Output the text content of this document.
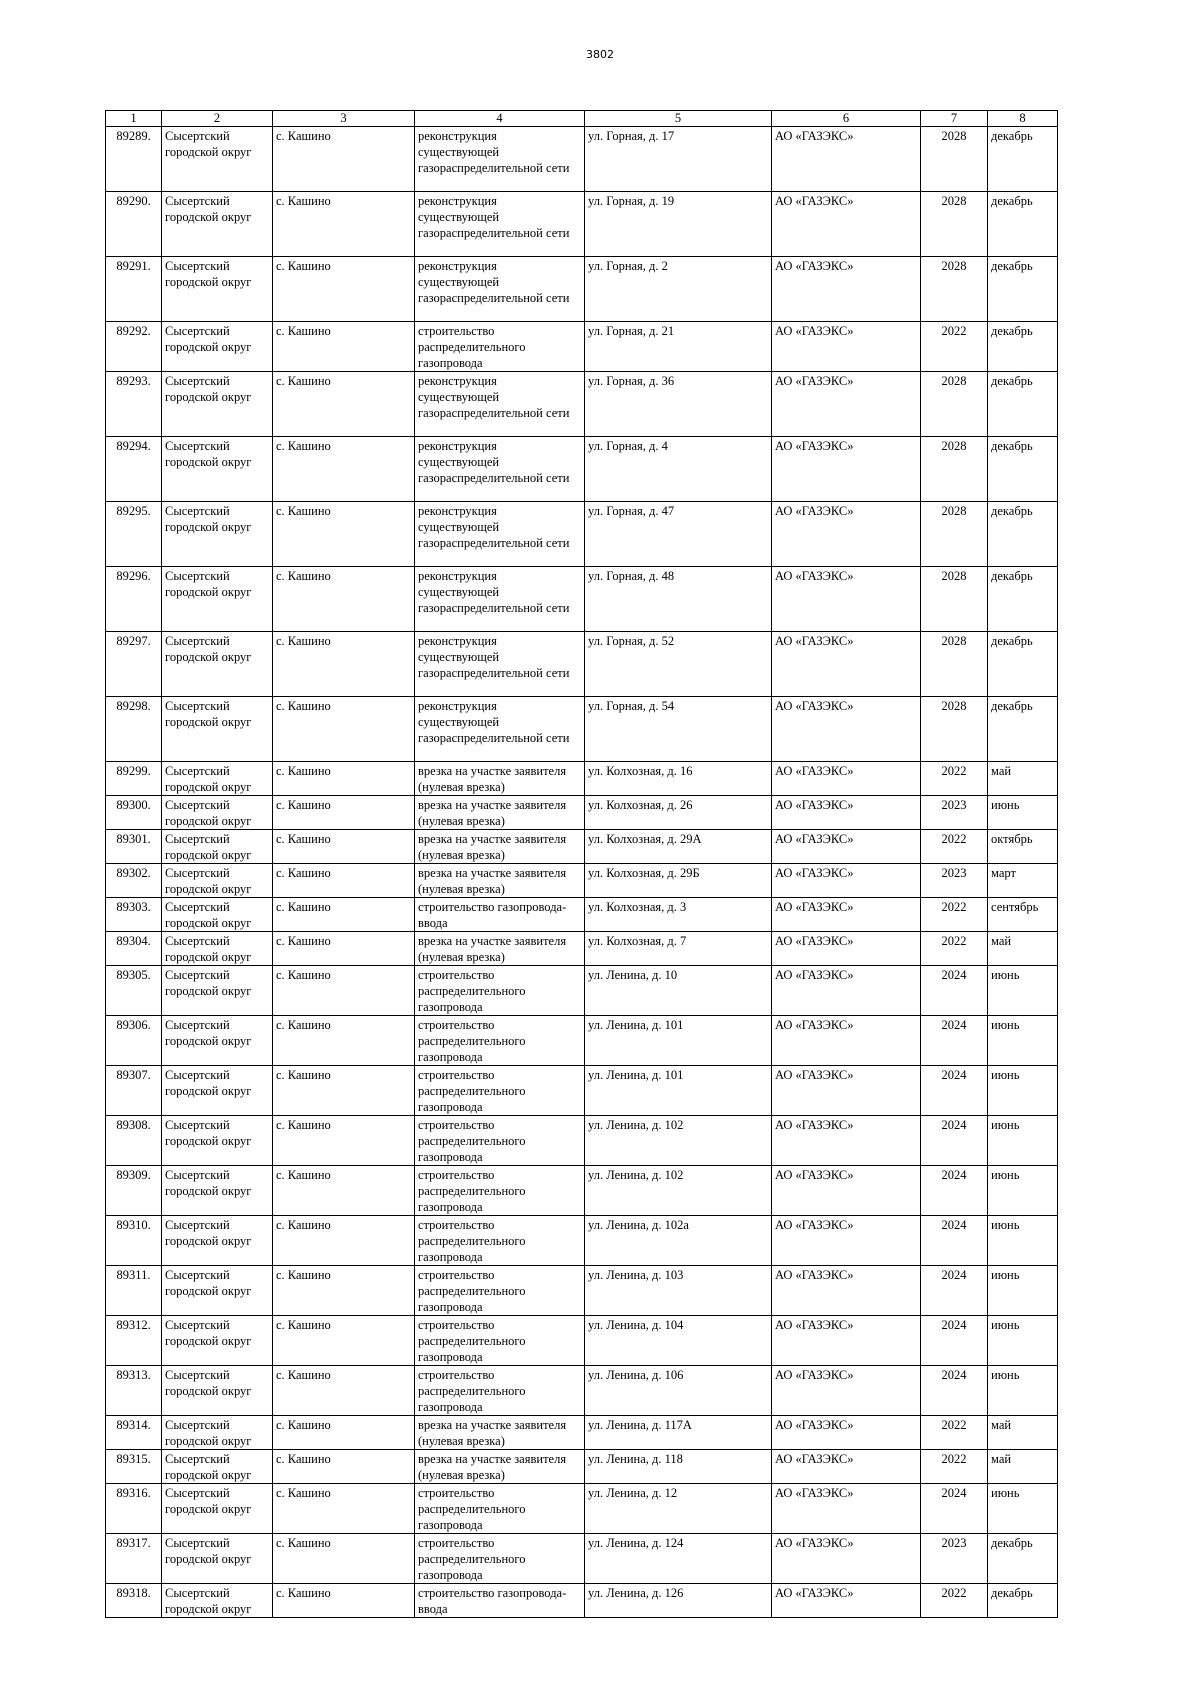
3802
1	2	3	4	5	6	7	8
89289.	Сысертский городской округ	с. Кашино	реконструкция существующей газораспределительной сети	ул. Горная, д. 17	АО «ГАЗЭКС»	2028	декабрь
89290.	Сысертский городской округ	с. Кашино	реконструкция существующей газораспределительной сети	ул. Горная, д. 19	АО «ГАЗЭКС»	2028	декабрь
89291.	Сысертский городской округ	с. Кашино	реконструкция существующей газораспределительной сети	ул. Горная, д. 2	АО «ГАЗЭКС»	2028	декабрь
89292.	Сысертский городской округ	с. Кашино	строительство распределительного газопровода	ул. Горная, д. 21	АО «ГАЗЭКС»	2022	декабрь
89293.	Сысертский городской округ	с. Кашино	реконструкция существующей газораспределительной сети	ул. Горная, д. 36	АО «ГАЗЭКС»	2028	декабрь
89294.	Сысертский городской округ	с. Кашино	реконструкция существующей газораспределительной сети	ул. Горная, д. 4	АО «ГАЗЭКС»	2028	декабрь
89295.	Сысертский городской округ	с. Кашино	реконструкция существующей газораспределительной сети	ул. Горная, д. 47	АО «ГАЗЭКС»	2028	декабрь
89296.	Сысертский городской округ	с. Кашино	реконструкция существующей газораспределительной сети	ул. Горная, д. 48	АО «ГАЗЭКС»	2028	декабрь
89297.	Сысертский городской округ	с. Кашино	реконструкция существующей газораспределительной сети	ул. Горная, д. 52	АО «ГАЗЭКС»	2028	декабрь
89298.	Сысертский городской округ	с. Кашино	реконструкция существующей газораспределительной сети	ул. Горная, д. 54	АО «ГАЗЭКС»	2028	декабрь
89299.	Сысертский городской округ	с. Кашино	врезка на участке заявителя (нулевая врезка)	ул. Колхозная, д. 16	АО «ГАЗЭКС»	2022	май
89300.	Сысертский городской округ	с. Кашино	врезка на участке заявителя (нулевая врезка)	ул. Колхозная, д. 26	АО «ГАЗЭКС»	2023	июнь
89301.	Сысертский городской округ	с. Кашино	врезка на участке заявителя (нулевая врезка)	ул. Колхозная, д. 29А	АО «ГАЗЭКС»	2022	октябрь
89302.	Сысертский городской округ	с. Кашино	врезка на участке заявителя (нулевая врезка)	ул. Колхозная, д. 29Б	АО «ГАЗЭКС»	2023	март
89303.	Сысертский городской округ	с. Кашино	строительство газопровода-ввода	ул. Колхозная, д. 3	АО «ГАЗЭКС»	2022	сентябрь
89304.	Сысертский городской округ	с. Кашино	врезка на участке заявителя (нулевая врезка)	ул. Колхозная, д. 7	АО «ГАЗЭКС»	2022	май
89305.	Сысертский городской округ	с. Кашино	строительство распределительного газопровода	ул. Ленина, д. 10	АО «ГАЗЭКС»	2024	июнь
89306.	Сысертский городской округ	с. Кашино	строительство распределительного газопровода	ул. Ленина, д. 101	АО «ГАЗЭКС»	2024	июнь
89307.	Сысертский городской округ	с. Кашино	строительство распределительного газопровода	ул. Ленина, д. 101	АО «ГАЗЭКС»	2024	июнь
89308.	Сысертский городской округ	с. Кашино	строительство распределительного газопровода	ул. Ленина, д. 102	АО «ГАЗЭКС»	2024	июнь
89309.	Сысертский городской округ	с. Кашино	строительство распределительного газопровода	ул. Ленина, д. 102	АО «ГАЗЭКС»	2024	июнь
89310.	Сысертский городской округ	с. Кашино	строительство распределительного газопровода	ул. Ленина, д. 102а	АО «ГАЗЭКС»	2024	июнь
89311.	Сысертский городской округ	с. Кашино	строительство распределительного газопровода	ул. Ленина, д. 103	АО «ГАЗЭКС»	2024	июнь
89312.	Сысертский городской округ	с. Кашино	строительство распределительного газопровода	ул. Ленина, д. 104	АО «ГАЗЭКС»	2024	июнь
89313.	Сысертский городской округ	с. Кашино	строительство распределительного газопровода	ул. Ленина, д. 106	АО «ГАЗЭКС»	2024	июнь
89314.	Сысертский городской округ	с. Кашино	врезка на участке заявителя (нулевая врезка)	ул. Ленина, д. 117А	АО «ГАЗЭКС»	2022	май
89315.	Сысертский городской округ	с. Кашино	врезка на участке заявителя (нулевая врезка)	ул. Ленина, д. 118	АО «ГАЗЭКС»	2022	май
89316.	Сысертский городской округ	с. Кашино	строительство распределительного газопровода	ул. Ленина, д. 12	АО «ГАЗЭКС»	2024	июнь
89317.	Сысертский городской округ	с. Кашино	строительство распределительного газопровода	ул. Ленина, д. 124	АО «ГАЗЭКС»	2023	декабрь
89318.	Сысертский городской округ	с. Кашино	строительство газопровода-ввода	ул. Ленина, д. 126	АО «ГАЗЭКС»	2022	декабрь
